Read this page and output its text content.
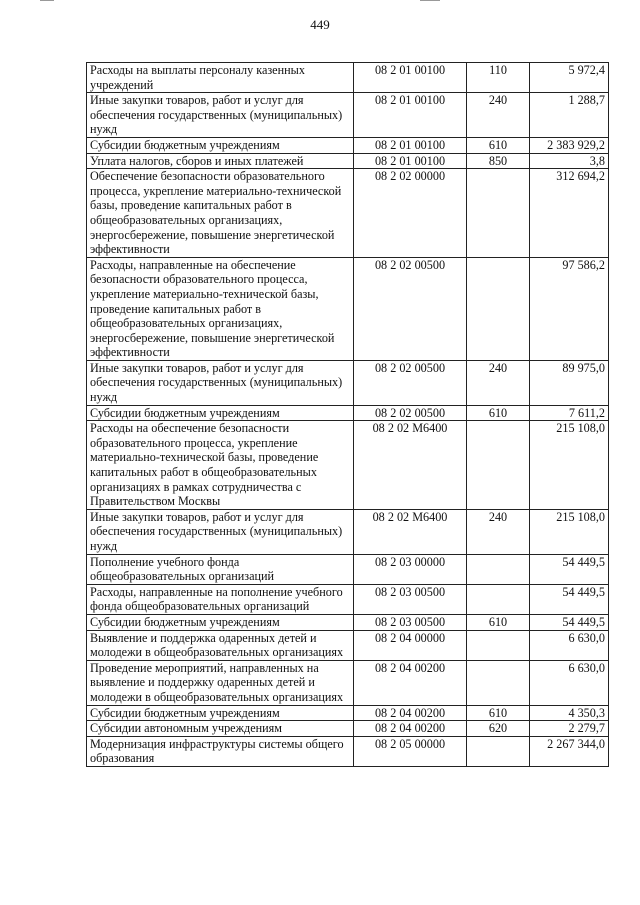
449
Расходы на выплаты персоналу казенных учреждений	08 2 01 00100	110	5 972,4
Иные закупки товаров, работ и услуг для обеспечения государственных (муниципальных) нужд	08 2 01 00100	240	1 288,7
Субсидии бюджетным учреждениям	08 2 01 00100	610	2 383 929,2
Уплата налогов, сборов и иных платежей	08 2 01 00100	850	3,8
Обеспечение безопасности образовательного процесса, укрепление материально-технической базы, проведение капитальных работ в общеобразовательных организациях, энергосбережение, повышение энергетической эффективности	08 2 02 00000		312 694,2
Расходы, направленные на обеспечение безопасности образовательного процесса, укрепление материально-технической базы, проведение капитальных работ в общеобразовательных организациях, энергосбережение, повышение энергетической эффективности	08 2 02 00500		97 586,2
Иные закупки товаров, работ и услуг для обеспечения государственных (муниципальных) нужд	08 2 02 00500	240	89 975,0
Субсидии бюджетным учреждениям	08 2 02 00500	610	7 611,2
Расходы на обеспечение безопасности образовательного процесса, укрепление материально-технической базы, проведение капитальных работ в общеобразовательных организациях в рамках сотрудничества с Правительством Москвы	08 2 02 М6400		215 108,0
Иные закупки товаров, работ и услуг для обеспечения государственных (муниципальных) нужд	08 2 02 М6400	240	215 108,0
Пополнение учебного фонда общеобразовательных организаций	08 2 03 00000		54 449,5
Расходы, направленные на пополнение учебного фонда общеобразовательных организаций	08 2 03 00500		54 449,5
Субсидии бюджетным учреждениям	08 2 03 00500	610	54 449,5
Выявление и поддержка одаренных детей и молодежи в общеобразовательных организациях	08 2 04 00000		6 630,0
Проведение мероприятий, направленных на выявление и поддержку одаренных детей и молодежи в общеобразовательных организациях	08 2 04 00200		6 630,0
Субсидии бюджетным учреждениям	08 2 04 00200	610	4 350,3
Субсидии автономным учреждениям	08 2 04 00200	620	2 279,7
Модернизация инфраструктуры системы общего образования	08 2 05 00000		2 267 344,0
